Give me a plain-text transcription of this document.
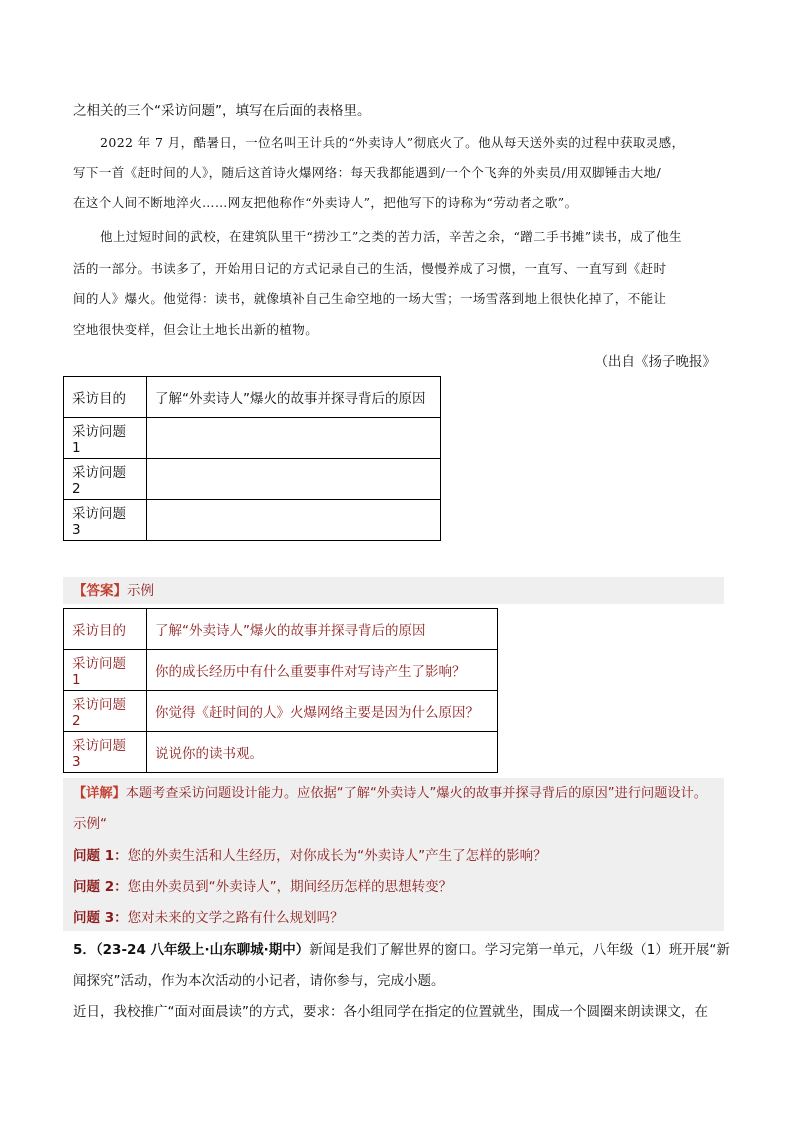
之相关的三个“采访问题”，填写在后面的表格里。
2022 年 7 月，酷暑日，一位名叫王计兵的“外卖诗人”彻底火了。他从每天送外卖的过程中获取灵感，
写下一首《赶时间的人》，随后这首诗火爆网络：每天我都能遇到/一个个飞奔的外卖员/用双脚锤击大地/
在这个人间不断地淬火……网友把他称作“外卖诗人”，把他写下的诗称为“劳动者之歌”。
他上过短时间的武校，在建筑队里干“捞沙工”之类的苦力活，辛苦之余，“蹭二手书摊”读书，成了他生
活的一部分。书读多了，开始用日记的方式记录自己的生活，慢慢养成了习惯，一直写、一直写到《赶时
间的人》爆火。他觉得：读书，就像填补自己生命空地的一场大雪；一场雪落到地上很快化掉了，不能让
空地很快变样，但会让土地长出新的植物。
（出自《扬子晚报》
采访目的	了解“外卖诗人”爆火的故事并探寻背后的原因
采访问题 1	
采访问题 2	
采访问题 3	
【答案】示例
采访目的	了解“外卖诗人”爆火的故事并探寻背后的原因
采访问题 1	你的成长经历中有什么重要事件对写诗产生了影响？
采访问题 2	你觉得《赶时间的人》火爆网络主要是因为什么原因？
采访问题 3	说说你的读书观。
【详解】本题考查采访问题设计能力。应依据“了解“外卖诗人”爆火的故事并探寻背后的原因”进行问题设计。
示例“
问题 1：您的外卖生活和人生经历，对你成长为“外卖诗人”产生了怎样的影响？
问题 2：您由外卖员到“外卖诗人”，期间经历怎样的思想转变？
问题 3：您对未来的文学之路有什么规划吗？
5．（23-24 八年级上·山东聊城·期中）新闻是我们了解世界的窗口。学习完第一单元，八年级（1）班开展“新
闻探究”活动，作为本次活动的小记者，请你参与，完成小题。
近日，我校推广“面对面晨读”的方式，要求：各小组同学在指定的位置就坐，围成一个圆圈来朗读课文，在
